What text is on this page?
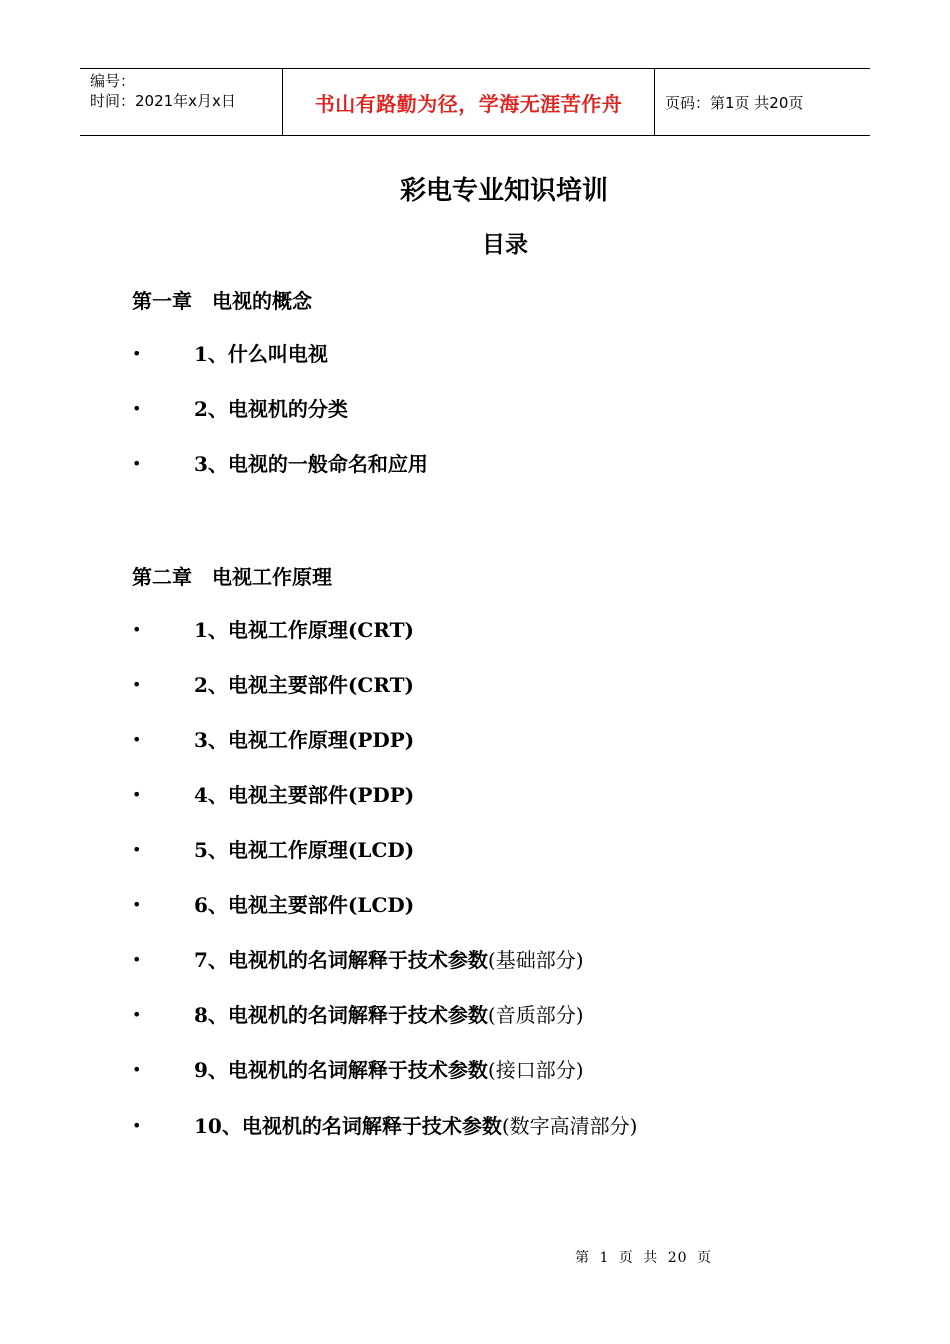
编号：
时间：2021年x月x日	书山有路勤为径，学海无涯苦作舟	页码：第1页 共20页
彩电专业知识培训
目录
第一章　电视的概念
•	1、什么叫电视
•	2、电视机的分类
•	3、电视的一般命名和应用
第二章　电视工作原理
•	1、电视工作原理(CRT)
•	2、电视主要部件(CRT)
•	3、电视工作原理(PDP)
•	4、电视主要部件(PDP)
•	5、电视工作原理(LCD)
•	6、电视主要部件(LCD)
•	7、电视机的名词解释于技术参数(基础部分)
•	8、电视机的名词解释于技术参数(音质部分)
•	9、电视机的名词解释于技术参数(接口部分)
•	10、电视机的名词解释于技术参数(数字高清部分)
第 1 页 共 20 页
